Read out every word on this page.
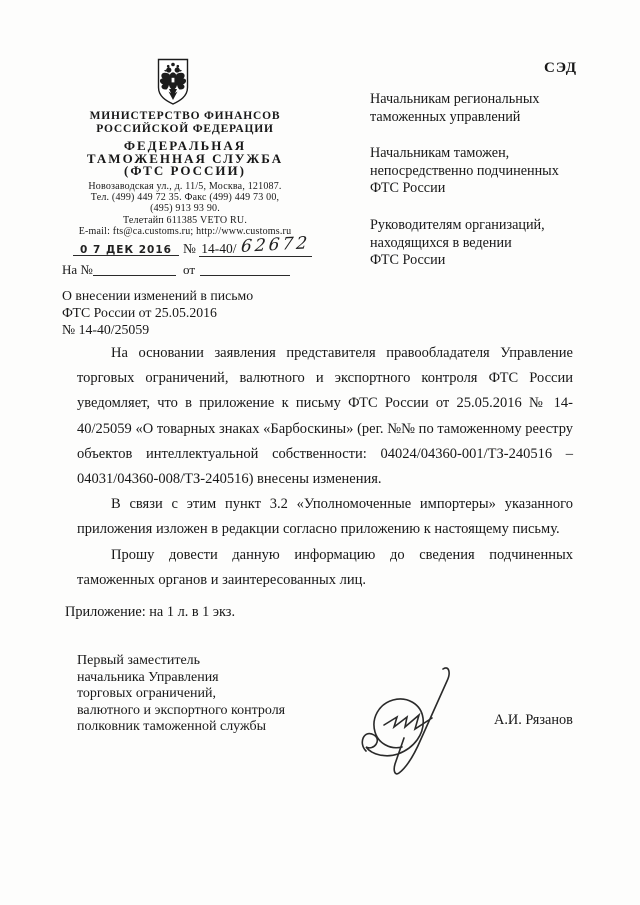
МИНИСТЕРСТВО ФИНАНСОВ
РОССИЙСКОЙ ФЕДЕРАЦИИ
ФЕДЕРАЛЬНАЯ
ТАМОЖЕННАЯ СЛУЖБА
(ФТС РОССИИ)
Новозаводская ул., д. 11/5, Москва, 121087.
Тел. (499) 449 72 35. Факс (499) 449 73 00,
(495) 913 93 90.
Телетайп 611385 VETO RU.
E-mail: fts@ca.customs.ru; http://www.customs.ru
0 7 ДЕК 2016 № 14-40/ 62672
На №	от
О внесении изменений в письмо
ФТС России от 25.05.2016
№ 14-40/25059
СЭД
Начальникам региональных
таможенных управлений
Начальникам таможен,
непосредственно подчиненных
ФТС России
Руководителям организаций,
находящихся в ведении
ФТС России

На основании заявления представителя правообладателя Управление торговых ограничений, валютного и экспортного контроля ФТС России уведомляет, что в приложение к письму ФТС России от 25.05.2016 № 14-40/25059 «О товарных знаках «Барбоскины» (рег. №№ по таможенному реестру объектов интеллектуальной собственности: 04024/04360-001/ТЗ-240516 – 04031/04360-008/ТЗ-240516) внесены изменения.

В связи с этим пункт 3.2 «Уполномоченные импортеры» указанного приложения изложен в редакции согласно приложению к настоящему письму.

Прошу довести данную информацию до сведения подчиненных таможенных органов и заинтересованных лиц.

Приложение: на 1 л. в 1 экз.
Первый заместитель
начальника Управления
торговых ограничений,
валютного и экспортного контроля
полковник таможенной службы	А.И. Рязанов
